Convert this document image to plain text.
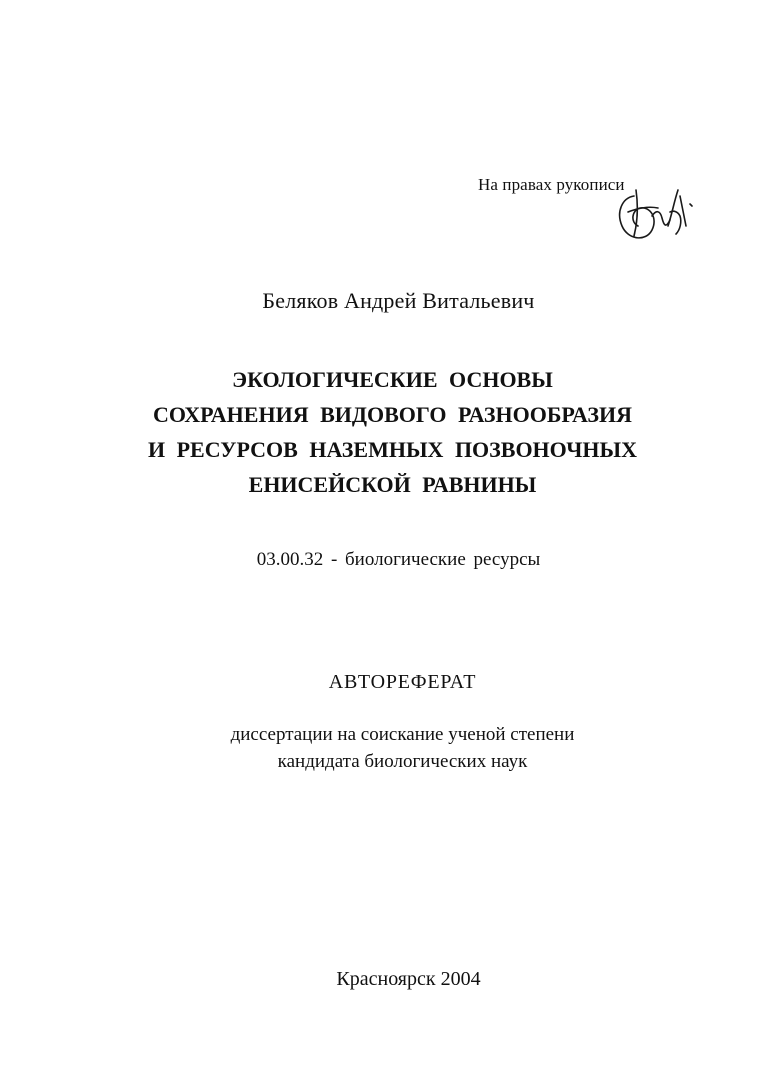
На правах рукописи
Беляков Андрей Витальевич
ЭКОЛОГИЧЕСКИЕ ОСНОВЫ
СОХРАНЕНИЯ ВИДОВОГО РАЗНООБРАЗИЯ
И РЕСУРСОВ НАЗЕМНЫХ ПОЗВОНОЧНЫХ
ЕНИСЕЙСКОЙ РАВНИНЫ
03.00.32 - биологические ресурсы
АВТОРЕФЕРАТ
диссертации на соискание ученой степени
кандидата биологических наук
Красноярск 2004
